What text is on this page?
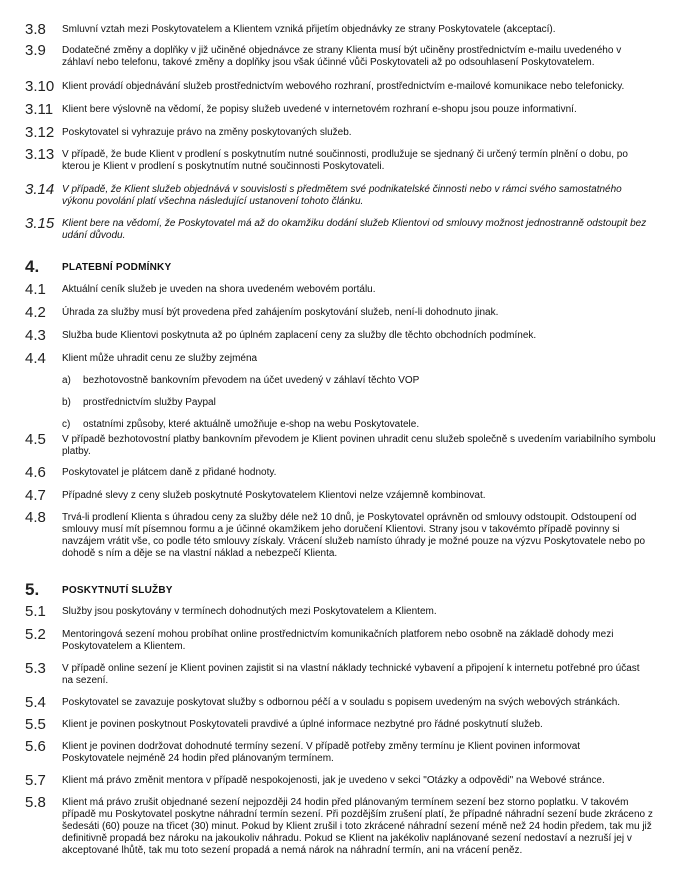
3.8 Smluvní vztah mezi Poskytovatelem a Klientem vzniká přijetím objednávky ze strany Poskytovatele (akceptací).
3.9 Dodatečné změny a doplňky v již učiněné objednávce ze strany Klienta musí být učiněny prostřednictvím e-mailu uvedeného v záhlaví nebo telefonu, takové změny a doplňky jsou však účinné vůči Poskytovateli až po odsouhlasení Poskytovatelem.
3.10 Klient provádí objednávání služeb prostřednictvím webového rozhraní, prostřednictvím e-mailové komunikace nebo telefonicky.
3.11 Klient bere výslovně na vědomí, že popisy služeb uvedené v internetovém rozhraní e-shopu jsou pouze informativní.
3.12 Poskytovatel si vyhrazuje právo na změny poskytovaných služeb.
3.13 V případě, že bude Klient v prodlení s poskytnutím nutné součinnosti, prodlužuje se sjednaný či určený termín plnění o dobu, po kterou je Klient v prodlení s poskytnutím nutné součinnosti Poskytovateli.
3.14 V případě, že Klient služeb objednává v souvislosti s předmětem své podnikatelské činnosti nebo v rámci svého samostatného výkonu povolání platí všechna následující ustanovení tohoto článku.
3.15 Klient bere na vědomí, že Poskytovatel má až do okamžiku dodání služeb Klientovi od smlouvy možnost jednostranně odstoupit bez udání důvodu.
4. PLATEBNÍ PODMÍNKY
4.1 Aktuální ceník služeb je uveden na shora uvedeném webovém portálu.
4.2 Úhrada za služby musí být provedena před zahájením poskytování služeb, není-li dohodnuto jinak.
4.3 Služba bude Klientovi poskytnuta až po úplném zaplacení ceny za služby dle těchto obchodních podmínek.
4.4 Klient může uhradit cenu ze služby zejména
a) bezhotovostně bankovním převodem na účet uvedený v záhlaví těchto VOP
b) prostřednictvím služby Paypal
c) ostatními způsoby, které aktuálně umožňuje e-shop na webu Poskytovatele.
4.5 V případě bezhotovostní platby bankovním převodem je Klient povinen uhradit cenu služeb společně s uvedením variabilního symbolu platby.
4.6 Poskytovatel je plátcem daně z přidané hodnoty.
4.7 Případné slevy z ceny služeb poskytnuté Poskytovatelem Klientovi nelze vzájemně kombinovat.
4.8 Trvá-li prodlení Klienta s úhradou ceny za služby déle než 10 dnů, je Poskytovatel oprávněn od smlouvy odstoupit. Odstoupení od smlouvy musí mít písemnou formu a je účinné okamžikem jeho doručení Klientovi. Strany jsou v takovémto případě povinny si navzájem vrátit vše, co podle této smlouvy získaly. Vrácení služeb namísto úhrady je možné pouze na výzvu Poskytovatele nebo po dohodě s ním a děje se na vlastní náklad a nebezpečí Klienta.
5. POSKYTNUTÍ SLUŽBY
5.1 Služby jsou poskytovány v termínech dohodnutých mezi Poskytovatelem a Klientem.
5.2 Mentoringová sezení mohou probíhat online prostřednictvím komunikačních platforem nebo osobně na základě dohody mezi Poskytovatelem a Klientem.
5.3 V případě online sezení je Klient povinen zajistit si na vlastní náklady technické vybavení a připojení k internetu potřebné pro účast na sezení.
5.4 Poskytovatel se zavazuje poskytovat služby s odbornou péčí a v souladu s popisem uvedeným na svých webových stránkách.
5.5 Klient je povinen poskytnout Poskytovateli pravdivé a úplné informace nezbytné pro řádné poskytnutí služeb.
5.6 Klient je povinen dodržovat dohodnuté termíny sezení. V případě potřeby změny termínu je Klient povinen informovat Poskytovatele nejméně 24 hodin před plánovaným termínem.
5.7 Klient má právo změnit mentora v případě nespokojenosti, jak je uvedeno v sekci "Otázky a odpovědi" na Webové stránce.
5.8 Klient má právo zrušit objednané sezení nejpozději 24 hodin před plánovaným termínem sezení bez storno poplatku. V takovém případě mu Poskytovatel poskytne náhradní termín sezení. Při pozdějším zrušení platí, že případné náhradní sezení bude zkráceno z šedesáti (60) pouze na třicet (30) minut. Pokud by Klient zrušil i toto zkrácené náhradní sezení méně než 24 hodin předem, tak mu již definitivně propadá bez nároku na jakoukoliv náhradu. Pokud se Klient na jakékoliv naplánované sezení nedostaví a nezruší jej v akceptované lhůtě, tak mu toto sezení propadá a nemá nárok na náhradní termín, ani na vrácení peněz.
